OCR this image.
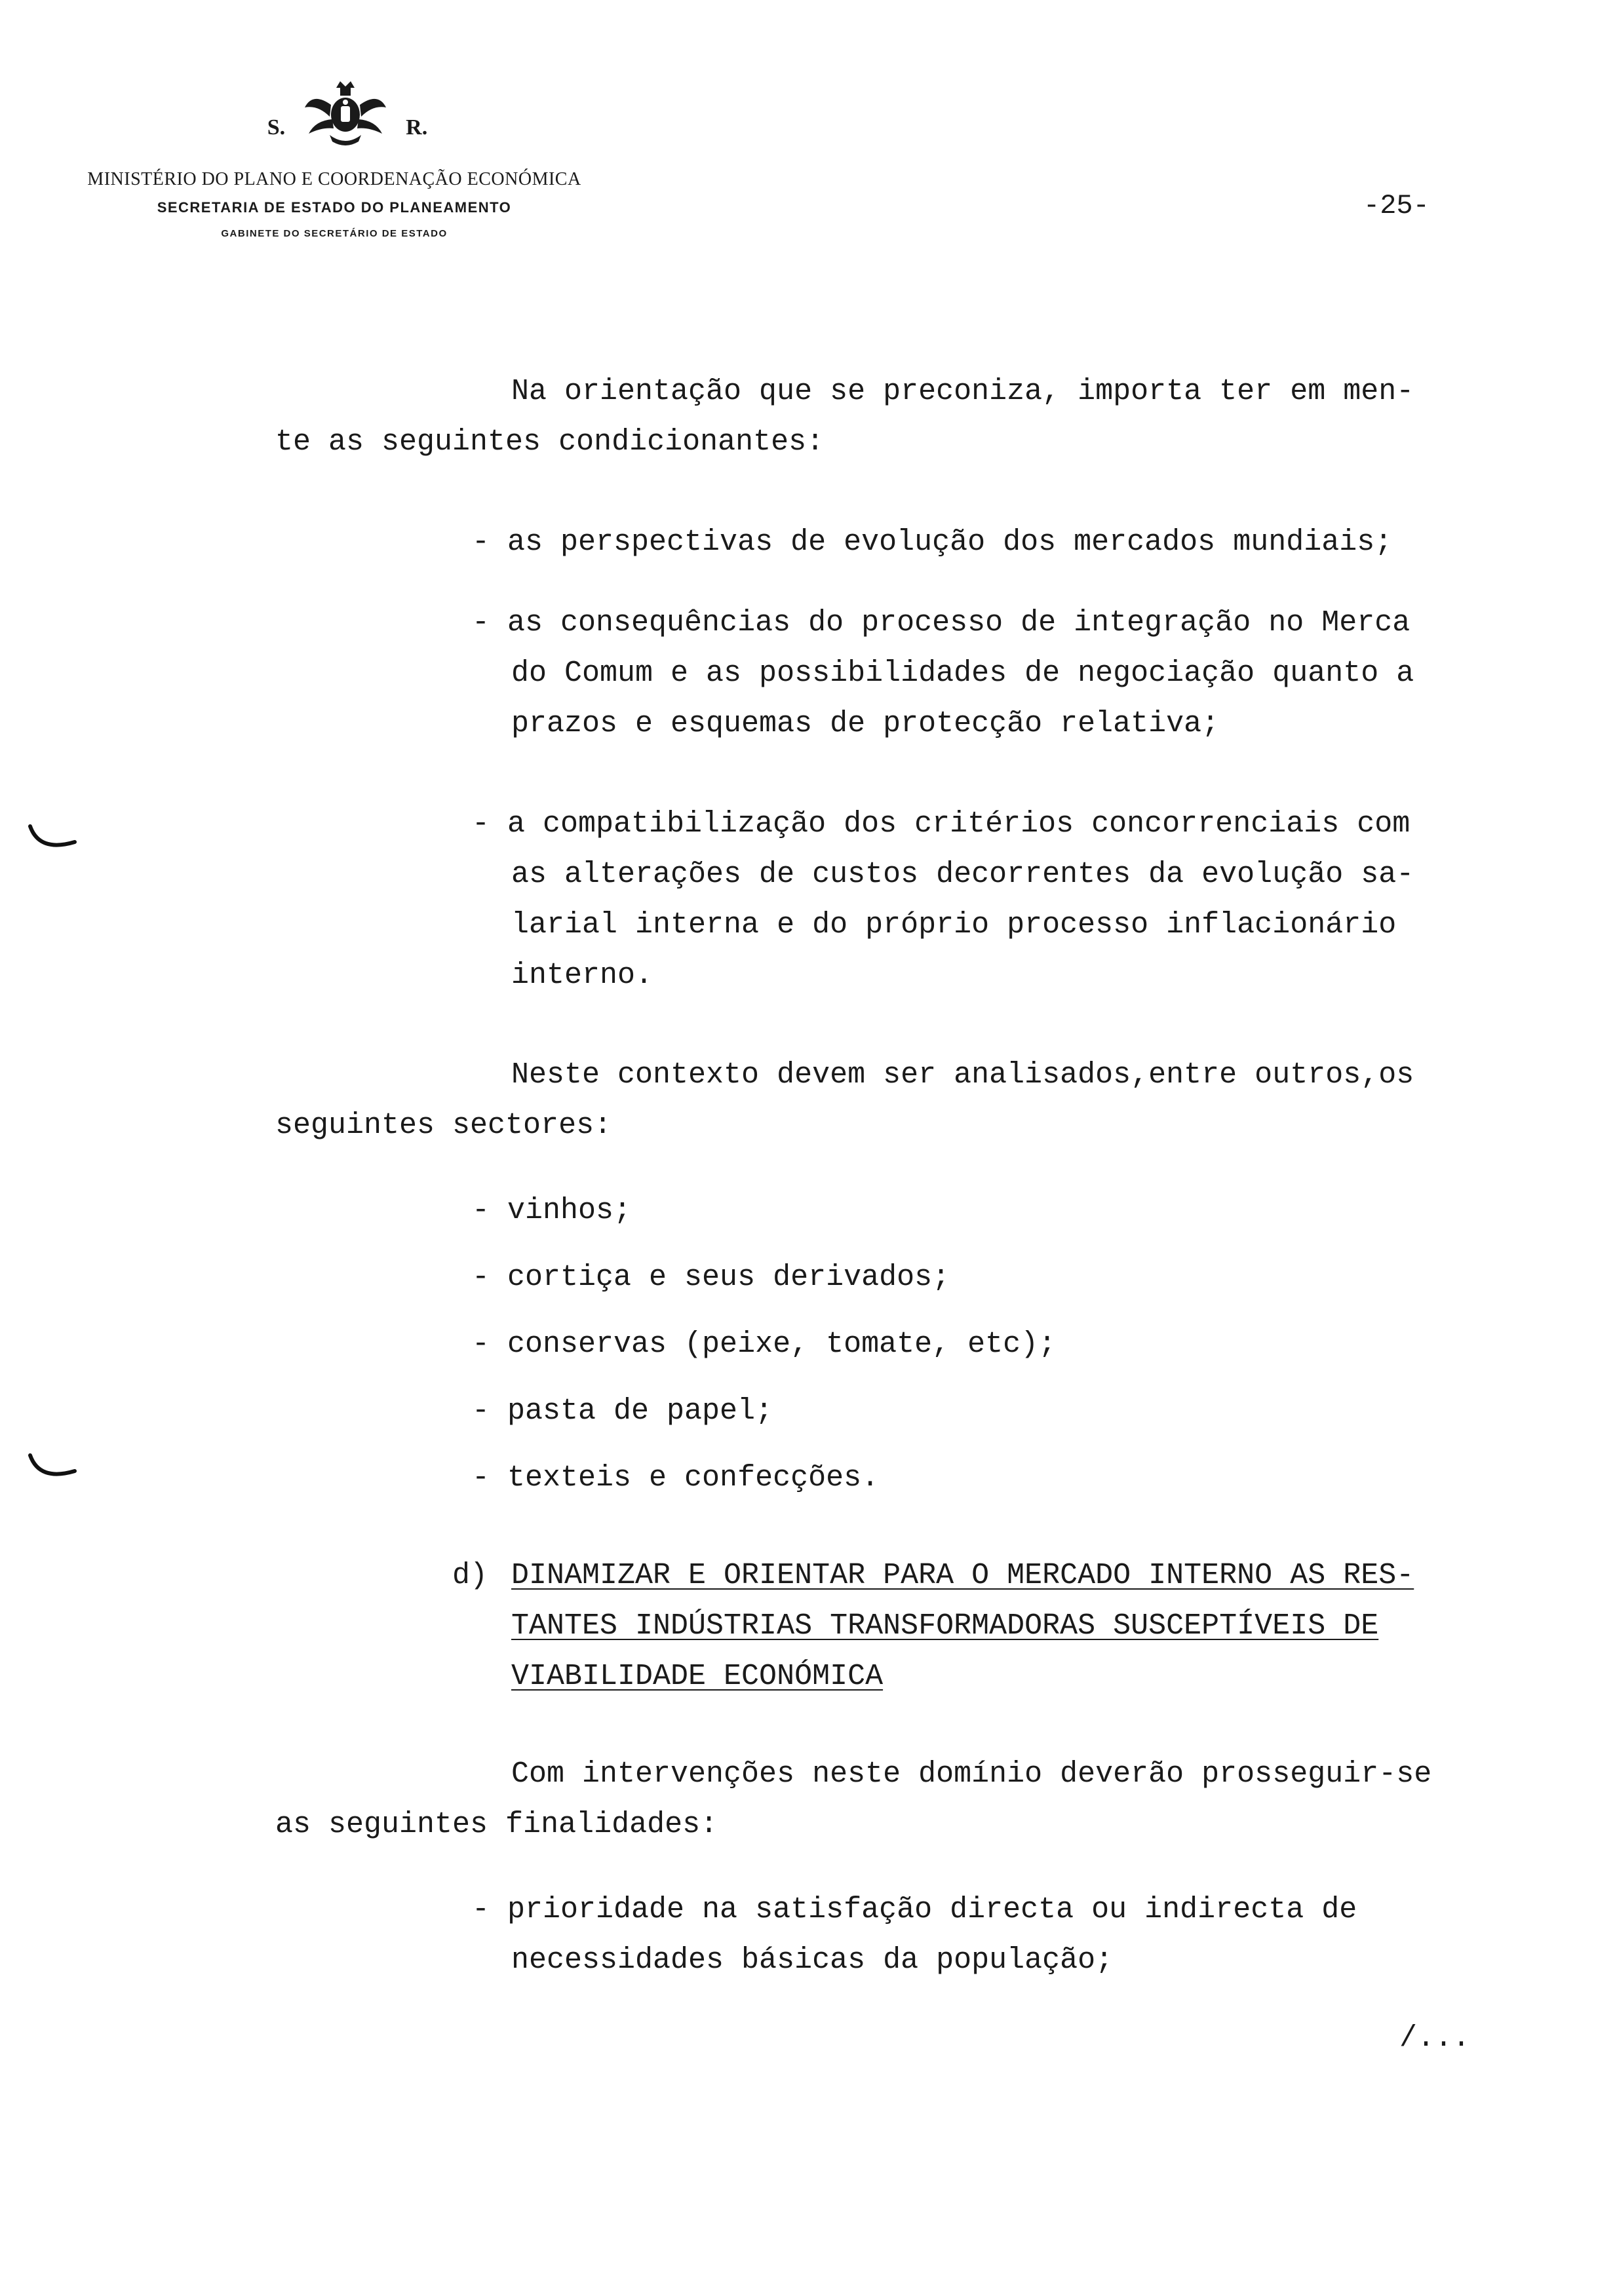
S.	R.
MINISTÉRIO DO PLANO E COORDENAÇÃO ECONÓMICA
SECRETARIA DE ESTADO DO PLANEAMENTO
GABINETE DO SECRETÁRIO DE ESTADO
-25-
Na orientação que se preconiza, importa ter em men-
te as seguintes condicionantes:
- as perspectivas de evolução dos mercados mundiais;
- as consequências do processo de integração no Merca
do Comum e as possibilidades de negociação quanto a
prazos e esquemas de protecção relativa;
- a compatibilização dos critérios concorrenciais com
as alterações de custos decorrentes da evolução sa-
larial interna e do próprio processo inflacionário
interno.
Neste contexto devem ser analisados,entre outros,os
seguintes sectores:
- vinhos;
- cortiça e seus derivados;
- conservas (peixe, tomate, etc);
- pasta de papel;
- texteis e confecções.
d) DINAMIZAR E ORIENTAR PARA O MERCADO INTERNO AS RES-
TANTES INDÚSTRIAS TRANSFORMADORAS SUSCEPTÍVEIS DE
VIABILIDADE ECONÓMICA
Com intervenções neste domínio deverão prosseguir-se
as seguintes finalidades:
- prioridade na satisfação directa ou indirecta de
necessidades básicas da população;
/...
